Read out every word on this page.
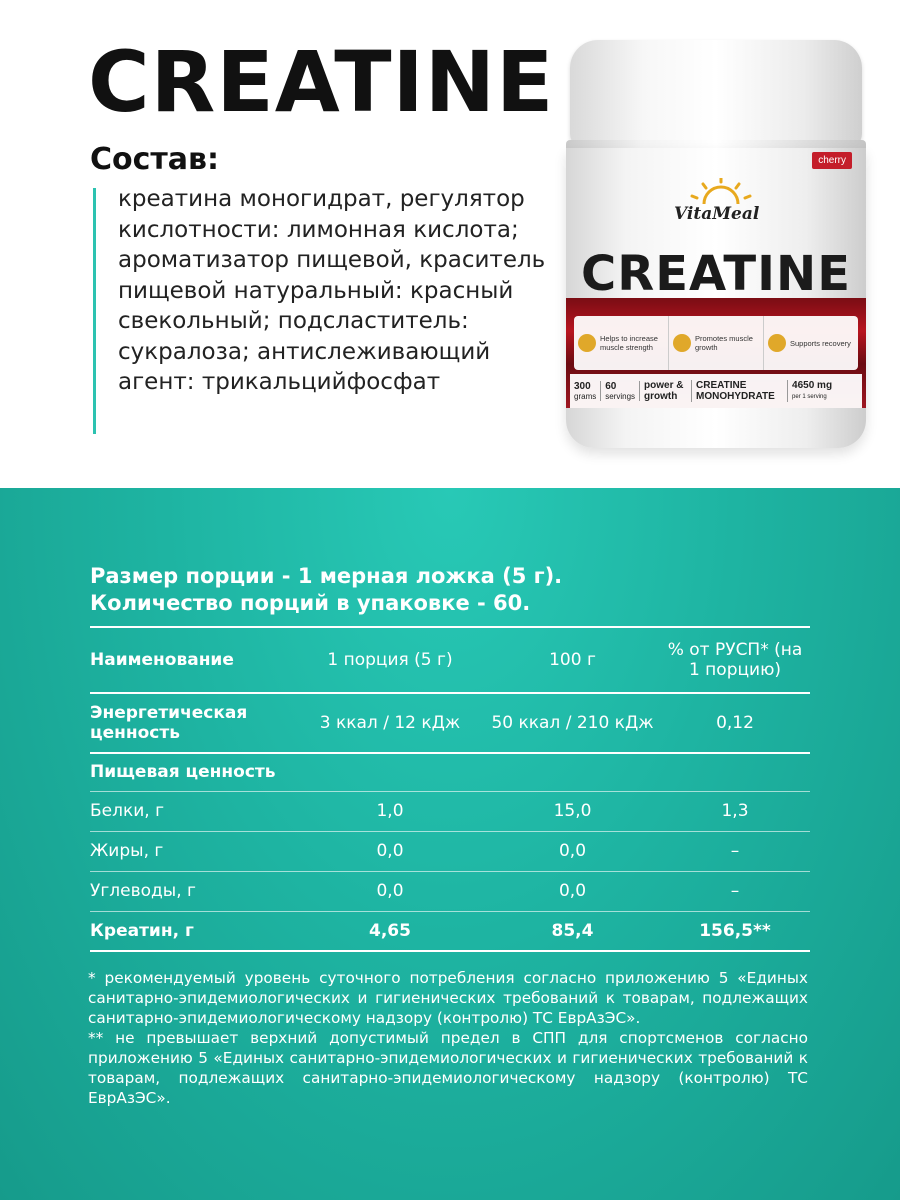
CREATINE
Состав:
креатина моногидрат, регулятор кислотности: лимонная кислота; ароматизатор пищевой, краситель пищевой натуральный: красный свекольный; подсластитель: сукралоза; антислеживающий агент: трикальцийфосфат
cherry
VitaMeal
CREATINE
Helps to increase muscle strength
Promotes muscle growth	Supports recovery
300
grams
60
servings
power & growth
CREATINE MONOHYDRATE
4650 mg
per 1 serving
Размер порции - 1 мерная ложка (5 г).
Количество порций в упаковке - 60.
Наименование	1 порция (5 г)	100 г	% от РУСП* (на 1 порцию)
Энергетическая ценность	3 ккал / 12 кДж	50 ккал / 210 кДж	0,12
Пищевая ценность			
Белки, г	1,0	15,0	1,3
Жиры, г	0,0	0,0	–
Углеводы, г	0,0	0,0	–
Креатин, г	4,65	85,4	156,5**

* рекомендуемый уровень суточного потребления согласно приложению 5 «Единых санитарно-эпидемиологических и гигиенических требований к товарам, подлежащих санитарно-эпидемиологическому надзору (контролю) ТС ЕврАзЭС».

** не превышает верхний допустимый предел в СПП для спортсменов согласно приложению 5 «Единых санитарно-эпидемиологических и гигиенических требований к товарам, подлежащих санитарно-эпидемиологическому надзору (контролю) ТС ЕврАзЭС».
